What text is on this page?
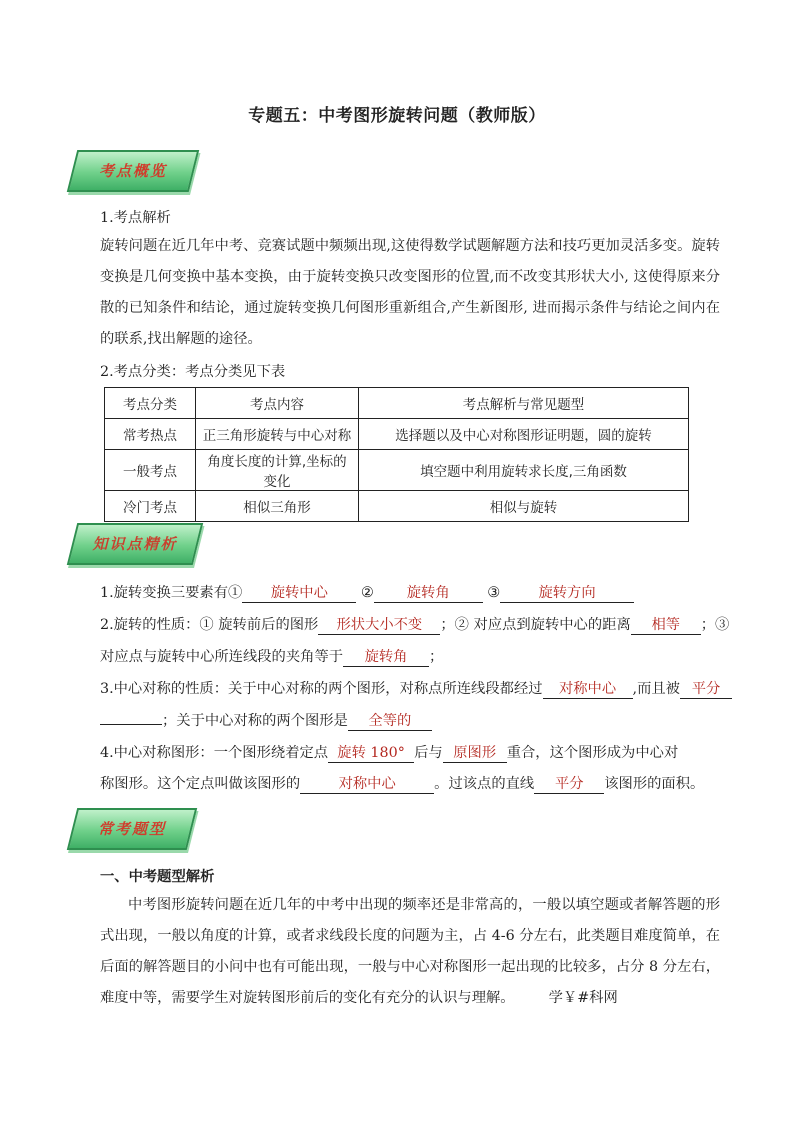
专题五：中考图形旋转问题（教师版）
考点概览
1.考点解析
旋转问题在近几年中考、竞赛试题中频频出现,这使得数学试题解题方法和技巧更加灵活多变。旋转变换是几何变换中基本变换，由于旋转变换只改变图形的位置,而不改变其形状大小, 这使得原来分散的已知条件和结论，通过旋转变换几何图形重新组合,产生新图形, 进而揭示条件与结论之间内在的联系,找出解题的途径。
2.考点分类：考点分类见下表
考点分类	考点内容	考点解析与常见题型
常考热点	正三角形旋转与中心对称	选择题以及中心对称图形证明题，圆的旋转
一般考点	角度长度的计算,坐标的变化	填空题中利用旋转求长度,三角函数
冷门考点	相似三角形	相似与旋转
知识点精析
1.旋转变换三要素有① 旋转中心 ② 旋转角	③	旋转方向
2.旋转的性质：① 旋转前后的图形 形状大小不变 ；② 对应点到旋转中心的距离 相等 ；③
对应点与旋转中心所连线段的夹角等于 旋转角 ；
3.中心对称的性质：关于中心对称的两个图形，对称点所连线段都经过 对称中心 ,而且被 平分
；关于中心对称的两个图形是 全等的
4.中心对称图形：一个图形绕着定点 旋转 180° 后与 原图形 重合，这个图形成为中心对
称图形。这个定点叫做该图形的	对称中心	。过该点的直线 平分 该图形的面积。
常考题型
一、中考题型解析
中考图形旋转问题在近几年的中考中出现的频率还是非常高的，一般以填空题或者解答题的形式出现，一般以角度的计算，或者求线段长度的问题为主，占 4-6 分左右，此类题目难度简单，在后面的解答题目的小问中也有可能出现，一般与中心对称图形一起出现的比较多，占分 8 分左右，难度中等，需要学生对旋转图形前后的变化有充分的认识与理解。 学￥#科网
